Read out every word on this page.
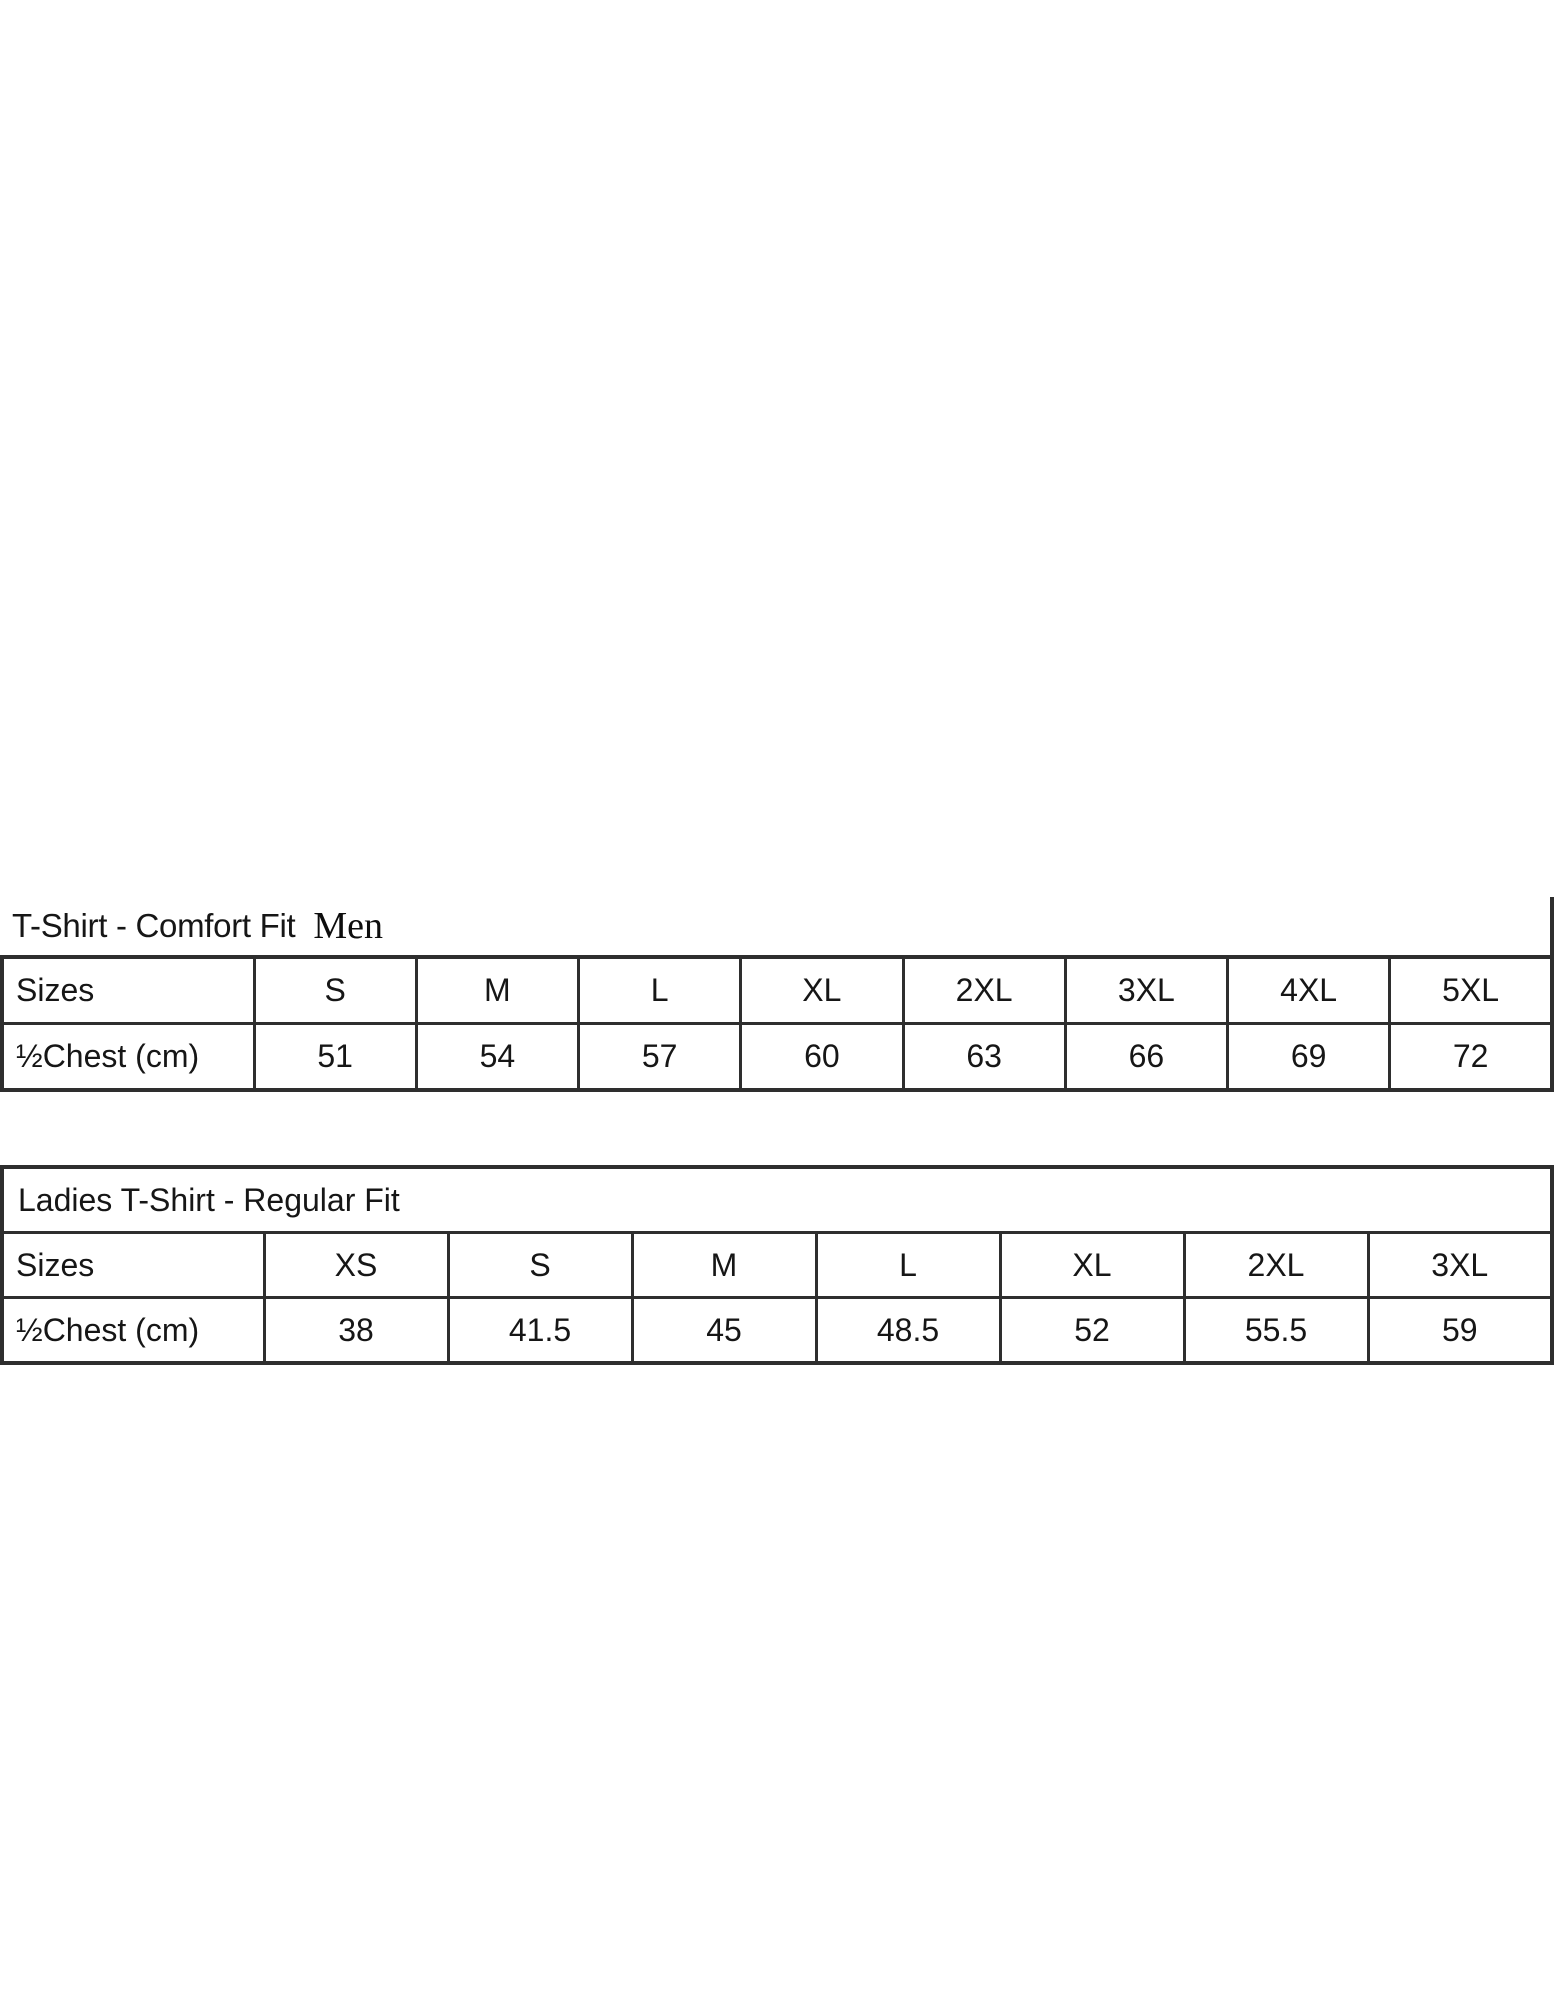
T-Shirt - Comfort Fit Men
Sizes	S	M	L	XL	2XL	3XL	4XL	5XL
½Chest (cm)	51	54	57	60	63	66	69	72
Ladies T-Shirt - Regular Fit							
Sizes	XS	S	M	L	XL	2XL	3XL
½Chest (cm)	38	41.5	45	48.5	52	55.5	59
